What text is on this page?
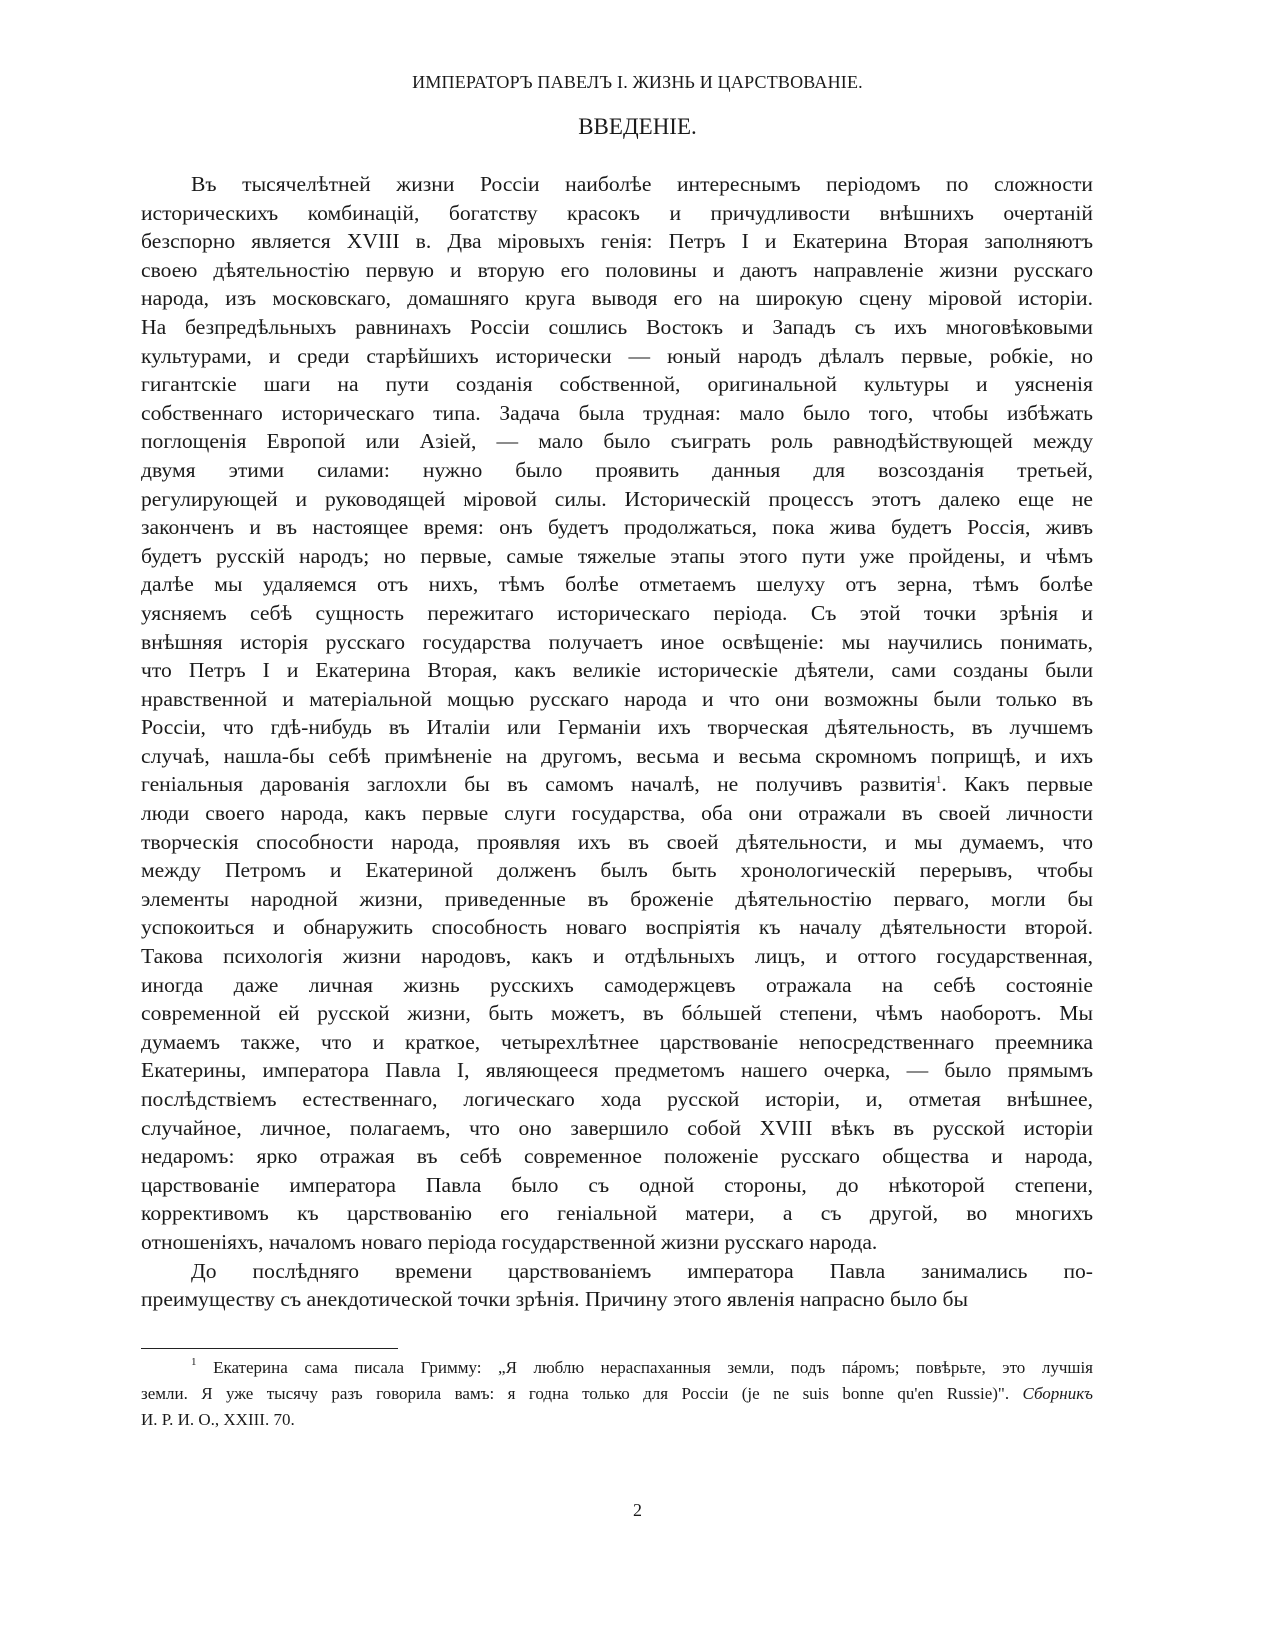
ИМПЕРАТОРЪ ПАВЕЛЪ I. ЖИЗНЬ И ЦАРСТВОВАНІЕ.
ВВЕДЕНІЕ.
Въ тысячелѣтней жизни Россіи наиболѣе интереснымъ періодомъ по сложности
историческихъ комбинацій, богатству красокъ и причудливости внѣшнихъ очертаній
безспорно является XVIII в. Два міровыхъ генія: Петръ I и Екатерина Вторая заполняютъ
своею дѣятельностію первую и вторую его половины и даютъ направленіе жизни русскаго
народа, изъ московскаго, домашняго круга выводя его на широкую сцену міровой исторіи.
На безпредѣльныхъ равнинахъ Россіи сошлись Востокъ и Западъ съ ихъ многовѣковыми
культурами, и среди старѣйшихъ исторически — юный народъ дѣлалъ первые, робкіе, но
гигантскіе шаги на пути созданія собственной, оригинальной культуры и уясненія
собственнаго историческаго типа. Задача была трудная: мало было того, чтобы избѣжать
поглощенія Европой или Азіей, — мало было съиграть роль равнодѣйствующей между
двумя этими силами: нужно было проявить данныя для возсозданія третьей,
регулирующей и руководящей міровой силы. Историческій процессъ этотъ далеко еще не
законченъ и въ настоящее время: онъ будетъ продолжаться, пока жива будетъ Россія, живъ
будетъ русскій народъ; но первые, самые тяжелые этапы этого пути уже пройдены, и чѣмъ
далѣе мы удаляемся отъ нихъ, тѣмъ болѣе отметаемъ шелуху отъ зерна, тѣмъ болѣе
уясняемъ себѣ сущность пережитаго историческаго періода. Съ этой точки зрѣнія и
внѣшняя исторія русскаго государства получаетъ иное освѣщеніе: мы научились понимать,
что Петръ I и Екатерина Вторая, какъ великіе историческіе дѣятели, сами созданы были
нравственной и матеріальной мощью русскаго народа и что они возможны были только въ
Россіи, что гдѣ-нибудь въ Италіи или Германіи ихъ творческая дѣятельность, въ лучшемъ
случаѣ, нашла-бы себѣ примѣненіе на другомъ, весьма и весьма скромномъ поприщѣ, и ихъ
геніальныя дарованія заглохли бы въ самомъ началѣ, не получивъ развитія$^1$. Какъ первые
люди своего народа, какъ первые слуги государства, оба они отражали въ своей личности
творческія способности народа, проявляя ихъ въ своей дѣятельности, и мы думаемъ, что
между Петромъ и Екатериной долженъ былъ быть хронологическій перерывъ, чтобы
элементы народной жизни, приведенные въ броженіе дѣятельностію перваго, могли бы
успокоиться и обнаружить способность новаго воспріятія къ началу дѣятельности второй.
Такова психологія жизни народовъ, какъ и отдѣльныхъ лицъ, и оттого государственная,
иногда даже личная жизнь русскихъ самодержцевъ отражала на себѣ состояніе
современной ей русской жизни, быть можетъ, въ бóльшей степени, чѣмъ наоборотъ. Мы
думаемъ также, что и краткое, четырехлѣтнее царствованіе непосредственнаго преемника
Екатерины, императора Павла I, являющееся предметомъ нашего очерка, — было прямымъ
послѣдствіемъ естественнаго, логическаго хода русской исторіи, и, отметая внѣшнее,
случайное, личное, полагаемъ, что оно завершило собой XVIII вѣкъ въ русской исторіи
недаромъ: ярко отражая въ себѣ современное положеніе русскаго общества и народа,
царствованіе императора Павла было съ одной стороны, до нѣкоторой степени,
коррективомъ къ царствованію его геніальной матери, а съ другой, во многихъ
отношеніяхъ, началомъ новаго періода государственной жизни русскаго народа.
До послѣдняго времени царствованіемъ императора Павла занимались по-
преимуществу съ анекдотической точки зрѣнія. Причину этого явленія напрасно было бы
$^1$ Екатерина сама писала Гримму: „Я люблю нераспаханныя земли, подъ пáромъ; повѣрьте, это лучшія
земли. Я уже тысячу разъ говорила вамъ: я годна только для Россіи (je ne suis bonne qu'en Russie)". Сборникъ
И. Р. И. О., XXIII. 70.
2
